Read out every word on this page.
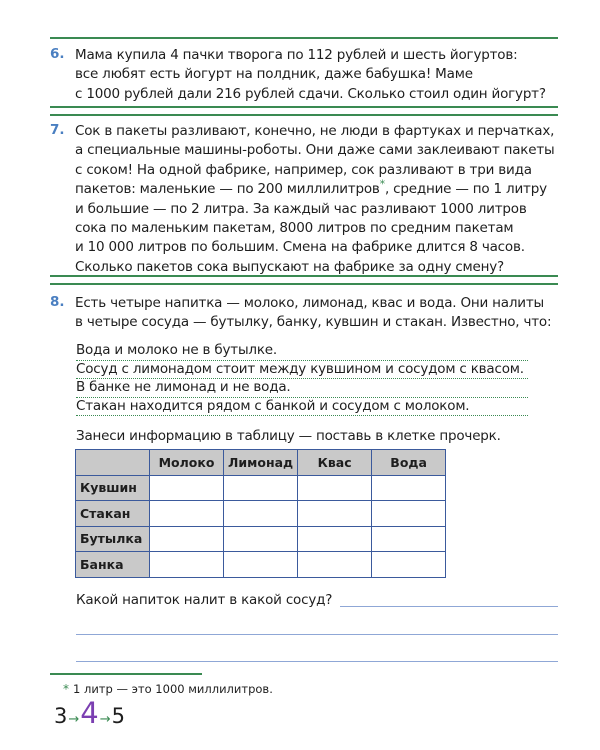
6. Мама купила 4 пачки творога по 112 рублей и шесть йогуртов:
все любят есть йогурт на полдник, даже бабушка! Маме
с 1000 рублей дали 216 рублей сдачи. Сколько стоил один йогурт?
7. Сок в пакеты разливают, конечно, не люди в фартуках и перчатках,
а специальные машины-роботы. Они даже сами заклеивают пакеты
с соком! На одной фабрике, например, сок разливают в три вида
пакетов: маленькие — по 200 миллилитров*, средние — по 1 литру
и большие — по 2 литра. За каждый час разливают 1000 литров
сока по маленьким пакетам, 8000 литров по средним пакетам
и 10 000 литров по большим. Смена на фабрике длится 8 часов.
Сколько пакетов сока выпускают на фабрике за одну смену?
8. Есть четыре напитка — молоко, лимонад, квас и вода. Они налиты
в четыре сосуда — бутылку, банку, кувшин и стакан. Известно, что:
Вода и молоко не в бутылке.
Сосуд с лимонадом стоит между кувшином и сосудом с квасом.
В банке не лимонад и не вода.
Стакан находится рядом с банкой и сосудом с молоком.
Занеси информацию в таблицу — поставь в клетке прочерк.
	Молоко	Лимонад	Квас	Вода
Кувшин				
Стакан				
Бутылка				
Банка				
Какой напиток налит в какой сосуд?
* 1 литр — это 1000 миллилитров.
3 → 4 → 5
